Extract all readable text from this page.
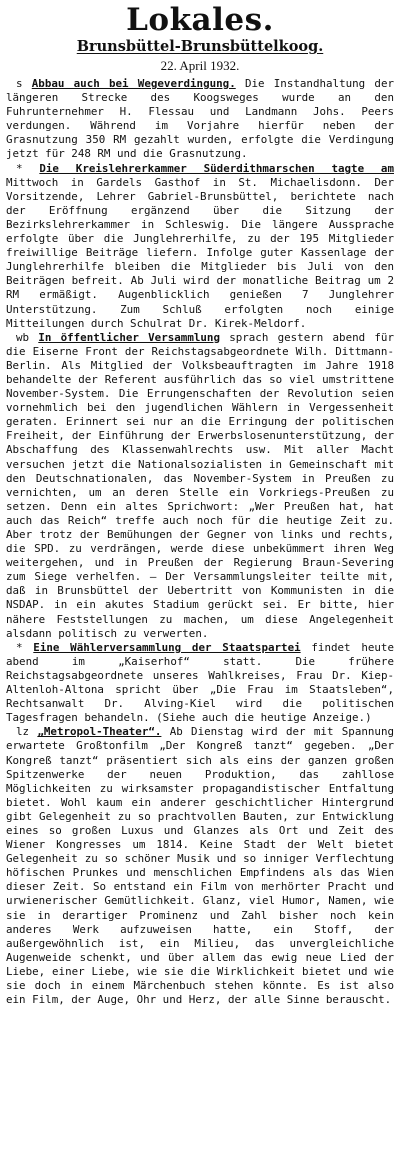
Lokales.
Brunsbüttel-Brunsbüttelkoog.
22. April 1932.

s Abbau auch bei Wegeverdingung. Die Instandhaltung der längeren Strecke des Koogsweges wurde an den Fuhrunternehmer H. Flessau und Landmann Johs. Peers verdungen. Während im Vorjahre hierfür neben der Grasnutzung 350 RM gezahlt wurden, erfolgte die Verdingung jetzt für 248 RM und die Grasnutzung.

* Die Kreislehrerkammer Süderdithmarschen tagte am Mittwoch in Gardels Gasthof in St. Michaelisdonn. Der Vorsitzende, Lehrer Gabriel-Brunsbüttel, berichtete nach der Eröffnung ergänzend über die Sitzung der Bezirkslehrerkammer in Schleswig. Die längere Aussprache erfolgte über die Junglehrerhilfe, zu der 195 Mitglieder freiwillige Beiträge liefern. Infolge guter Kassenlage der Junglehrerhilfe bleiben die Mitglieder bis Juli von den Beiträgen befreit. Ab Juli wird der monatliche Beitrag um 2 RM ermäßigt. Augenblicklich genießen 7 Junglehrer Unterstützung. Zum Schluß erfolgten noch einige Mitteilungen durch Schulrat Dr. Kirek-Meldorf.

wb In öffentlicher Versammlung sprach gestern abend für die Eiserne Front der Reichstagsabgeordnete Wilh. Dittmann-Berlin. Als Mitglied der Volksbeauftragten im Jahre 1918 behandelte der Referent ausführlich das so viel umstrittene November-System. Die Errungenschaften der Revolution seien vornehmlich bei den jugendlichen Wählern in Vergessenheit geraten. Erinnert sei nur an die Erringung der politischen Freiheit, der Einführung der Erwerbslosenunterstützung, der Abschaffung des Klassenwahlrechts usw. Mit aller Macht versuchen jetzt die Nationalsozialisten in Gemeinschaft mit den Deutschnationalen, das November-System in Preußen zu vernichten, um an deren Stelle ein Vorkriegs-Preußen zu setzen. Denn ein altes Sprichwort: „Wer Preußen hat, hat auch das Reich“ treffe auch noch für die heutige Zeit zu. Aber trotz der Bemühungen der Gegner von links und rechts, die SPD. zu verdrängen, werde diese unbekümmert ihren Weg weitergehen, und in Preußen der Regierung Braun-Severing zum Siege verhelfen. — Der Versammlungsleiter teilte mit, daß in Brunsbüttel der Uebertritt von Kommunisten in die NSDAP. in ein akutes Stadium gerückt sei. Er bitte, hier nähere Feststellungen zu machen, um diese Angelegenheit alsdann politisch zu verwerten.

* Eine Wählerversammlung der Staatspartei findet heute abend im „Kaiserhof“ statt. Die frühere Reichstagsabgeordnete unseres Wahlkreises, Frau Dr. Kiep-Altenloh-Altona spricht über „Die Frau im Staatsleben“, Rechtsanwalt Dr. Alving-Kiel wird die politischen Tagesfragen behandeln. (Siehe auch die heutige Anzeige.)

lz „Metropol-Theater“. Ab Dienstag wird der mit Spannung erwartete Großtonfilm „Der Kongreß tanzt“ gegeben. „Der Kongreß tanzt“ präsentiert sich als eins der ganzen großen Spitzenwerke der neuen Produktion, das zahllose Möglichkeiten zu wirksamster propagandistischer Entfaltung bietet. Wohl kaum ein anderer geschichtlicher Hintergrund gibt Gelegenheit zu so prachtvollen Bauten, zur Entwicklung eines so großen Luxus und Glanzes als Ort und Zeit des Wiener Kongresses um 1814. Keine Stadt der Welt bietet Gelegenheit zu so schöner Musik und so inniger Verflechtung höfischen Prunkes und menschlichen Empfindens als das Wien dieser Zeit. So entstand ein Film von merhörter Pracht und urwienerischer Gemütlichkeit. Glanz, viel Humor, Namen, wie sie in derartiger Prominenz und Zahl bisher noch kein anderes Werk aufzuweisen hatte, ein Stoff, der außergewöhnlich ist, ein Milieu, das unvergleichliche Augenweide schenkt, und über allem das ewig neue Lied der Liebe, einer Liebe, wie sie die Wirklichkeit bietet und wie sie doch in einem Märchenbuch stehen könnte. Es ist also ein Film, der Auge, Ohr und Herz, der alle Sinne berauscht.
